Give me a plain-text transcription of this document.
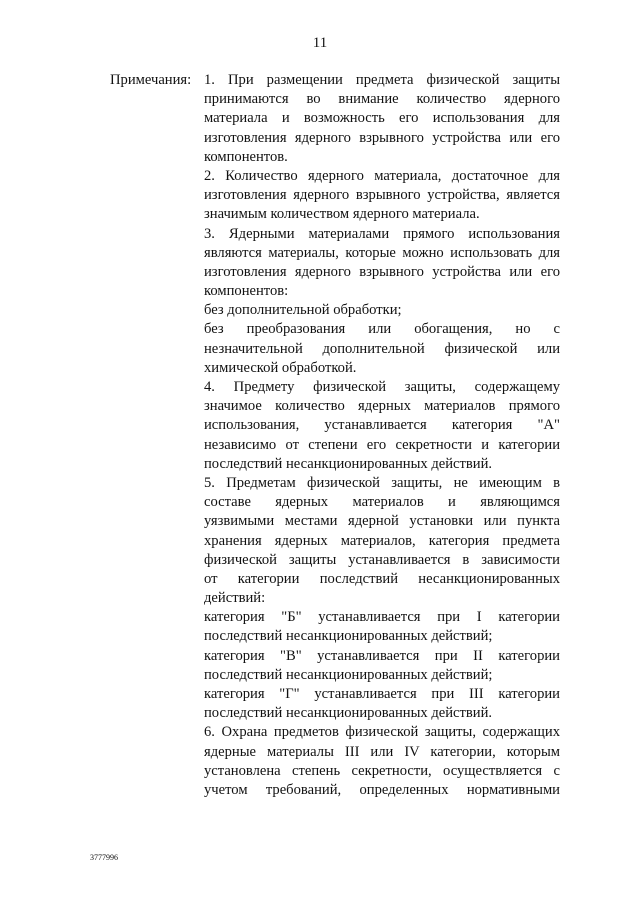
11
Примечания: 1. При размещении предмета физической защиты
принимаются во внимание количество ядерного
материала и возможность его использования для
изготовления ядерного взрывного устройства или его
компонентов.
2. Количество ядерного материала, достаточное для
изготовления ядерного взрывного устройства, является
значимым количеством ядерного материала.
3. Ядерными материалами прямого использования
являются материалы, которые можно использовать для
изготовления ядерного взрывного устройства или его
компонентов:
без дополнительной обработки;
без преобразования или обогащения, но с
незначительной дополнительной физической или
химической обработкой.
4. Предмету физической защиты, содержащему
значимое количество ядерных материалов прямого
использования, устанавливается категория "А"
независимо от степени его секретности и категории
последствий несанкционированных действий.
5. Предметам физической защиты, не имеющим в
составе ядерных материалов и являющимся
уязвимыми местами ядерной установки или пункта
хранения ядерных материалов, категория предмета
физической защиты устанавливается в зависимости
от категории последствий несанкционированных
действий:
категория "Б" устанавливается при I категории
последствий несанкционированных действий;
категория "В" устанавливается при II категории
последствий несанкционированных действий;
категория "Г" устанавливается при III категории
последствий несанкционированных действий.
6. Охрана предметов физической защиты, содержащих
ядерные материалы III или IV категории, которым
установлена степень секретности, осуществляется с
учетом требований, определенных нормативными
3777996
